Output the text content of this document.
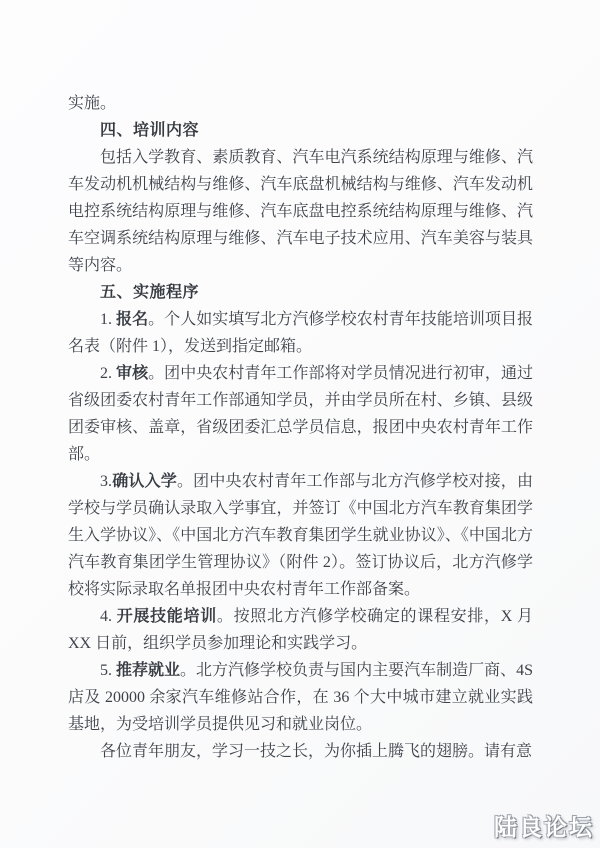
实施。

四、培训内容

包括入学教育、素质教育、汽车电汽系统结构原理与维修、汽车发动机机械结构与维修、汽车底盘机械结构与维修、汽车发动机电控系统结构原理与维修、汽车底盘电控系统结构原理与维修、汽车空调系统结构原理与维修、汽车电子技术应用、汽车美容与装具等内容。

五、实施程序

1. 报名。个人如实填写北方汽修学校农村青年技能培训项目报名表（附件 1），发送到指定邮箱。

2. 审核。团中央农村青年工作部将对学员情况进行初审，通过省级团委农村青年工作部通知学员，并由学员所在村、乡镇、县级团委审核、盖章，省级团委汇总学员信息，报团中央农村青年工作部。

3.确认入学。团中央农村青年工作部与北方汽修学校对接，由学校与学员确认录取入学事宜，并签订《中国北方汽车教育集团学生入学协议》、《中国北方汽车教育集团学生就业协议》、《中国北方汽车教育集团学生管理协议》（附件 2）。签订协议后，北方汽修学校将实际录取名单报团中央农村青年工作部备案。

4. 开展技能培训。按照北方汽修学校确定的课程安排，X 月 XX 日前，组织学员参加理论和实践学习。

5. 推荐就业。北方汽修学校负责与国内主要汽车制造厂商、4S 店及 20000 余家汽车维修站合作，在 36 个大中城市建立就业实践基地，为受培训学员提供见习和就业岗位。

各位青年朋友，学习一技之长，为你插上腾飞的翅膀。请有意

陆良论坛
